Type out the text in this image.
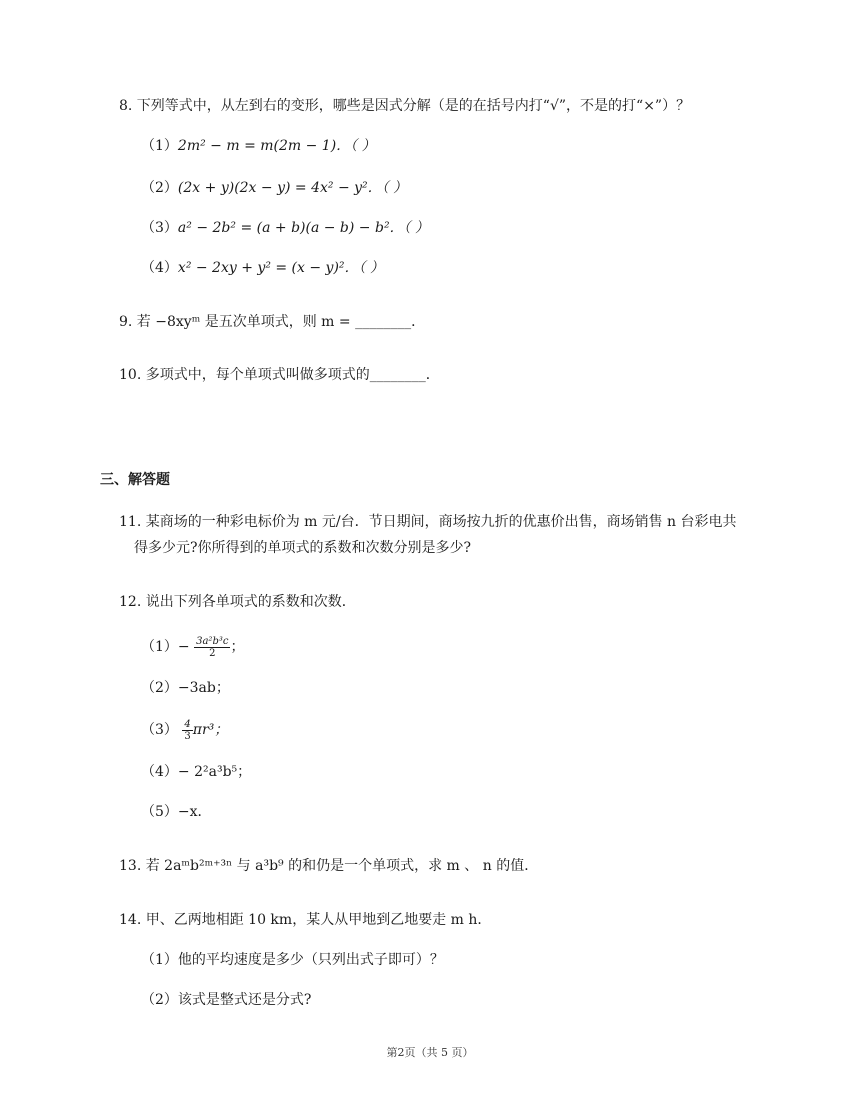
8. 下列等式中，从左到右的变形，哪些是因式分解（是的在括号内打“√”，不是的打“×”）？
（1）2m² − m = m(2m − 1)．（ ）
（2）(2x + y)(2x − y) = 4x² − y²．（ ）
（3）a² − 2b² = (a + b)(a − b) − b²．（ ）
（4）x² − 2xy + y² = (x − y)²．（ ）
9. 若 −8xyᵐ 是五次单项式，则 m = ________．
10. 多项式中，每个单项式叫做多项式的________．
三、解答题
11. 某商场的一种彩电标价为 m 元/台．节日期间，商场按九折的优惠价出售，商场销售 n 台彩电共
得多少元?你所得到的单项式的系数和次数分别是多少?
12. 说出下列各单项式的系数和次数．
$(1)- \frac{\text{3a²b³c}}{2}$ ；
（2）−3ab；
$(3) \frac{4}{3} \pi r^3$；
（4）− 2²a³b⁵；
（5）−x．
13. 若 2aᵐb²ᵐ⁺³ⁿ 与 a³b⁹ 的和仍是一个单项式，求 m 、 n 的值．
14. 甲、乙两地相距 10 km，某人从甲地到乙地要走 m h．
（1）他的平均速度是多少（只列出式子即可）？
（2）该式是整式还是分式?
第2页（共 5 页）
